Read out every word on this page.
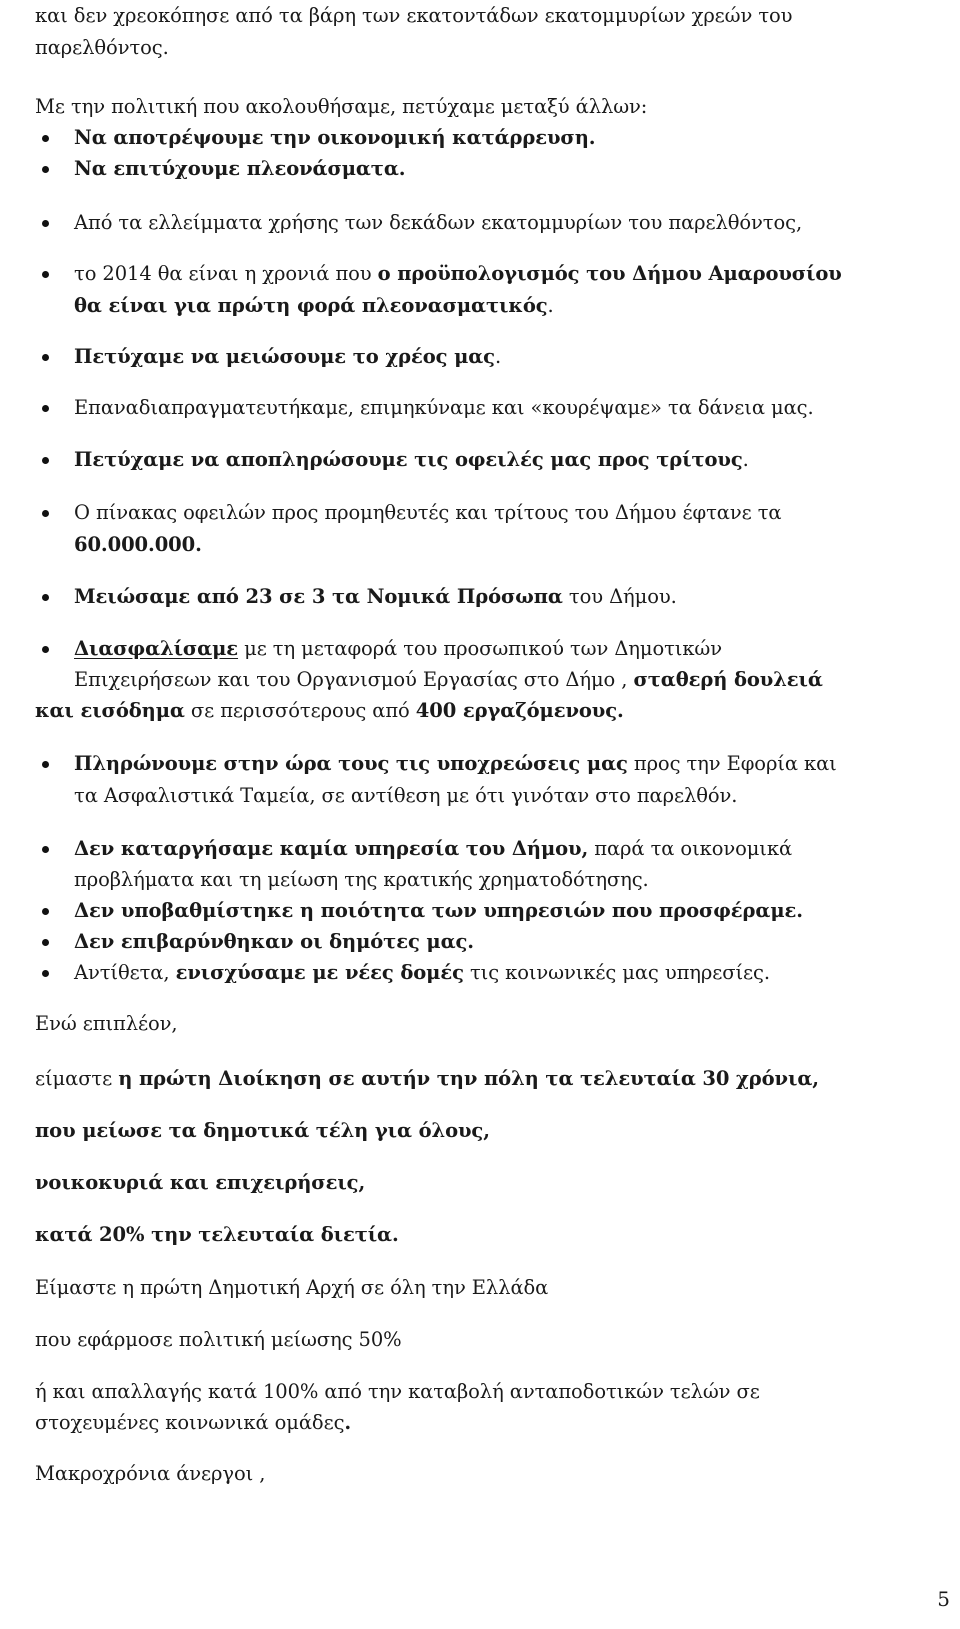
και δεν χρεοκόπησε από τα βάρη των εκατοντάδων εκατομμυρίων χρεών του
παρελθόντος.
Με την πολιτική που ακολουθήσαμε, πετύχαμε μεταξύ άλλων:
Να αποτρέψουμε την οικονομική κατάρρευση.
Να επιτύχουμε πλεονάσματα.
Από τα ελλείμματα χρήσης των δεκάδων εκατομμυρίων του παρελθόντος,
το 2014 θα είναι η χρονιά που ο προϋπολογισμός του Δήμου Αμαρουσίου
θα είναι για πρώτη φορά πλεονασματικός.
Πετύχαμε να μειώσουμε το χρέος μας.
Επαναδιαπραγματευτήκαμε, επιμηκύναμε και «κουρέψαμε» τα δάνεια μας.
Πετύχαμε να αποπληρώσουμε τις οφειλές μας προς τρίτους.
Ο πίνακας οφειλών προς προμηθευτές και τρίτους του Δήμου έφτανε τα
60.000.000.
Μειώσαμε από 23 σε 3 τα Νομικά Πρόσωπα του Δήμου.
Διασφαλίσαμε με τη μεταφορά του προσωπικού των Δημοτικών
Επιχειρήσεων και του Οργανισμού Εργασίας στο Δήμο , σταθερή δουλειά
και εισόδημα σε περισσότερους από 400 εργαζόμενους.
Πληρώνουμε στην ώρα τους τις υποχρεώσεις μας προς την Εφορία και
τα Ασφαλιστικά Ταμεία, σε αντίθεση με ότι γινόταν στο παρελθόν.
Δεν καταργήσαμε καμία υπηρεσία του Δήμου, παρά τα οικονομικά
προβλήματα και τη μείωση της κρατικής χρηματοδότησης.
Δεν υποβαθμίστηκε η ποιότητα των υπηρεσιών που προσφέραμε.
Δεν επιβαρύνθηκαν οι δημότες μας.
Αντίθετα, ενισχύσαμε με νέες δομές τις κοινωνικές μας υπηρεσίες.
Ενώ επιπλέον,
είμαστε η πρώτη Διοίκηση σε αυτήν την πόλη τα τελευταία 30 χρόνια,
που μείωσε τα δημοτικά τέλη για όλους,
νοικοκυριά και επιχειρήσεις,
κατά 20% την τελευταία διετία.
Είμαστε η πρώτη Δημοτική Αρχή σε όλη την Ελλάδα
που εφάρμοσε πολιτική μείωσης 50%
ή και απαλλαγής κατά 100% από την καταβολή ανταποδοτικών τελών σε
στοχευμένες κοινωνικά ομάδες.
Μακροχρόνια άνεργοι ,
5
